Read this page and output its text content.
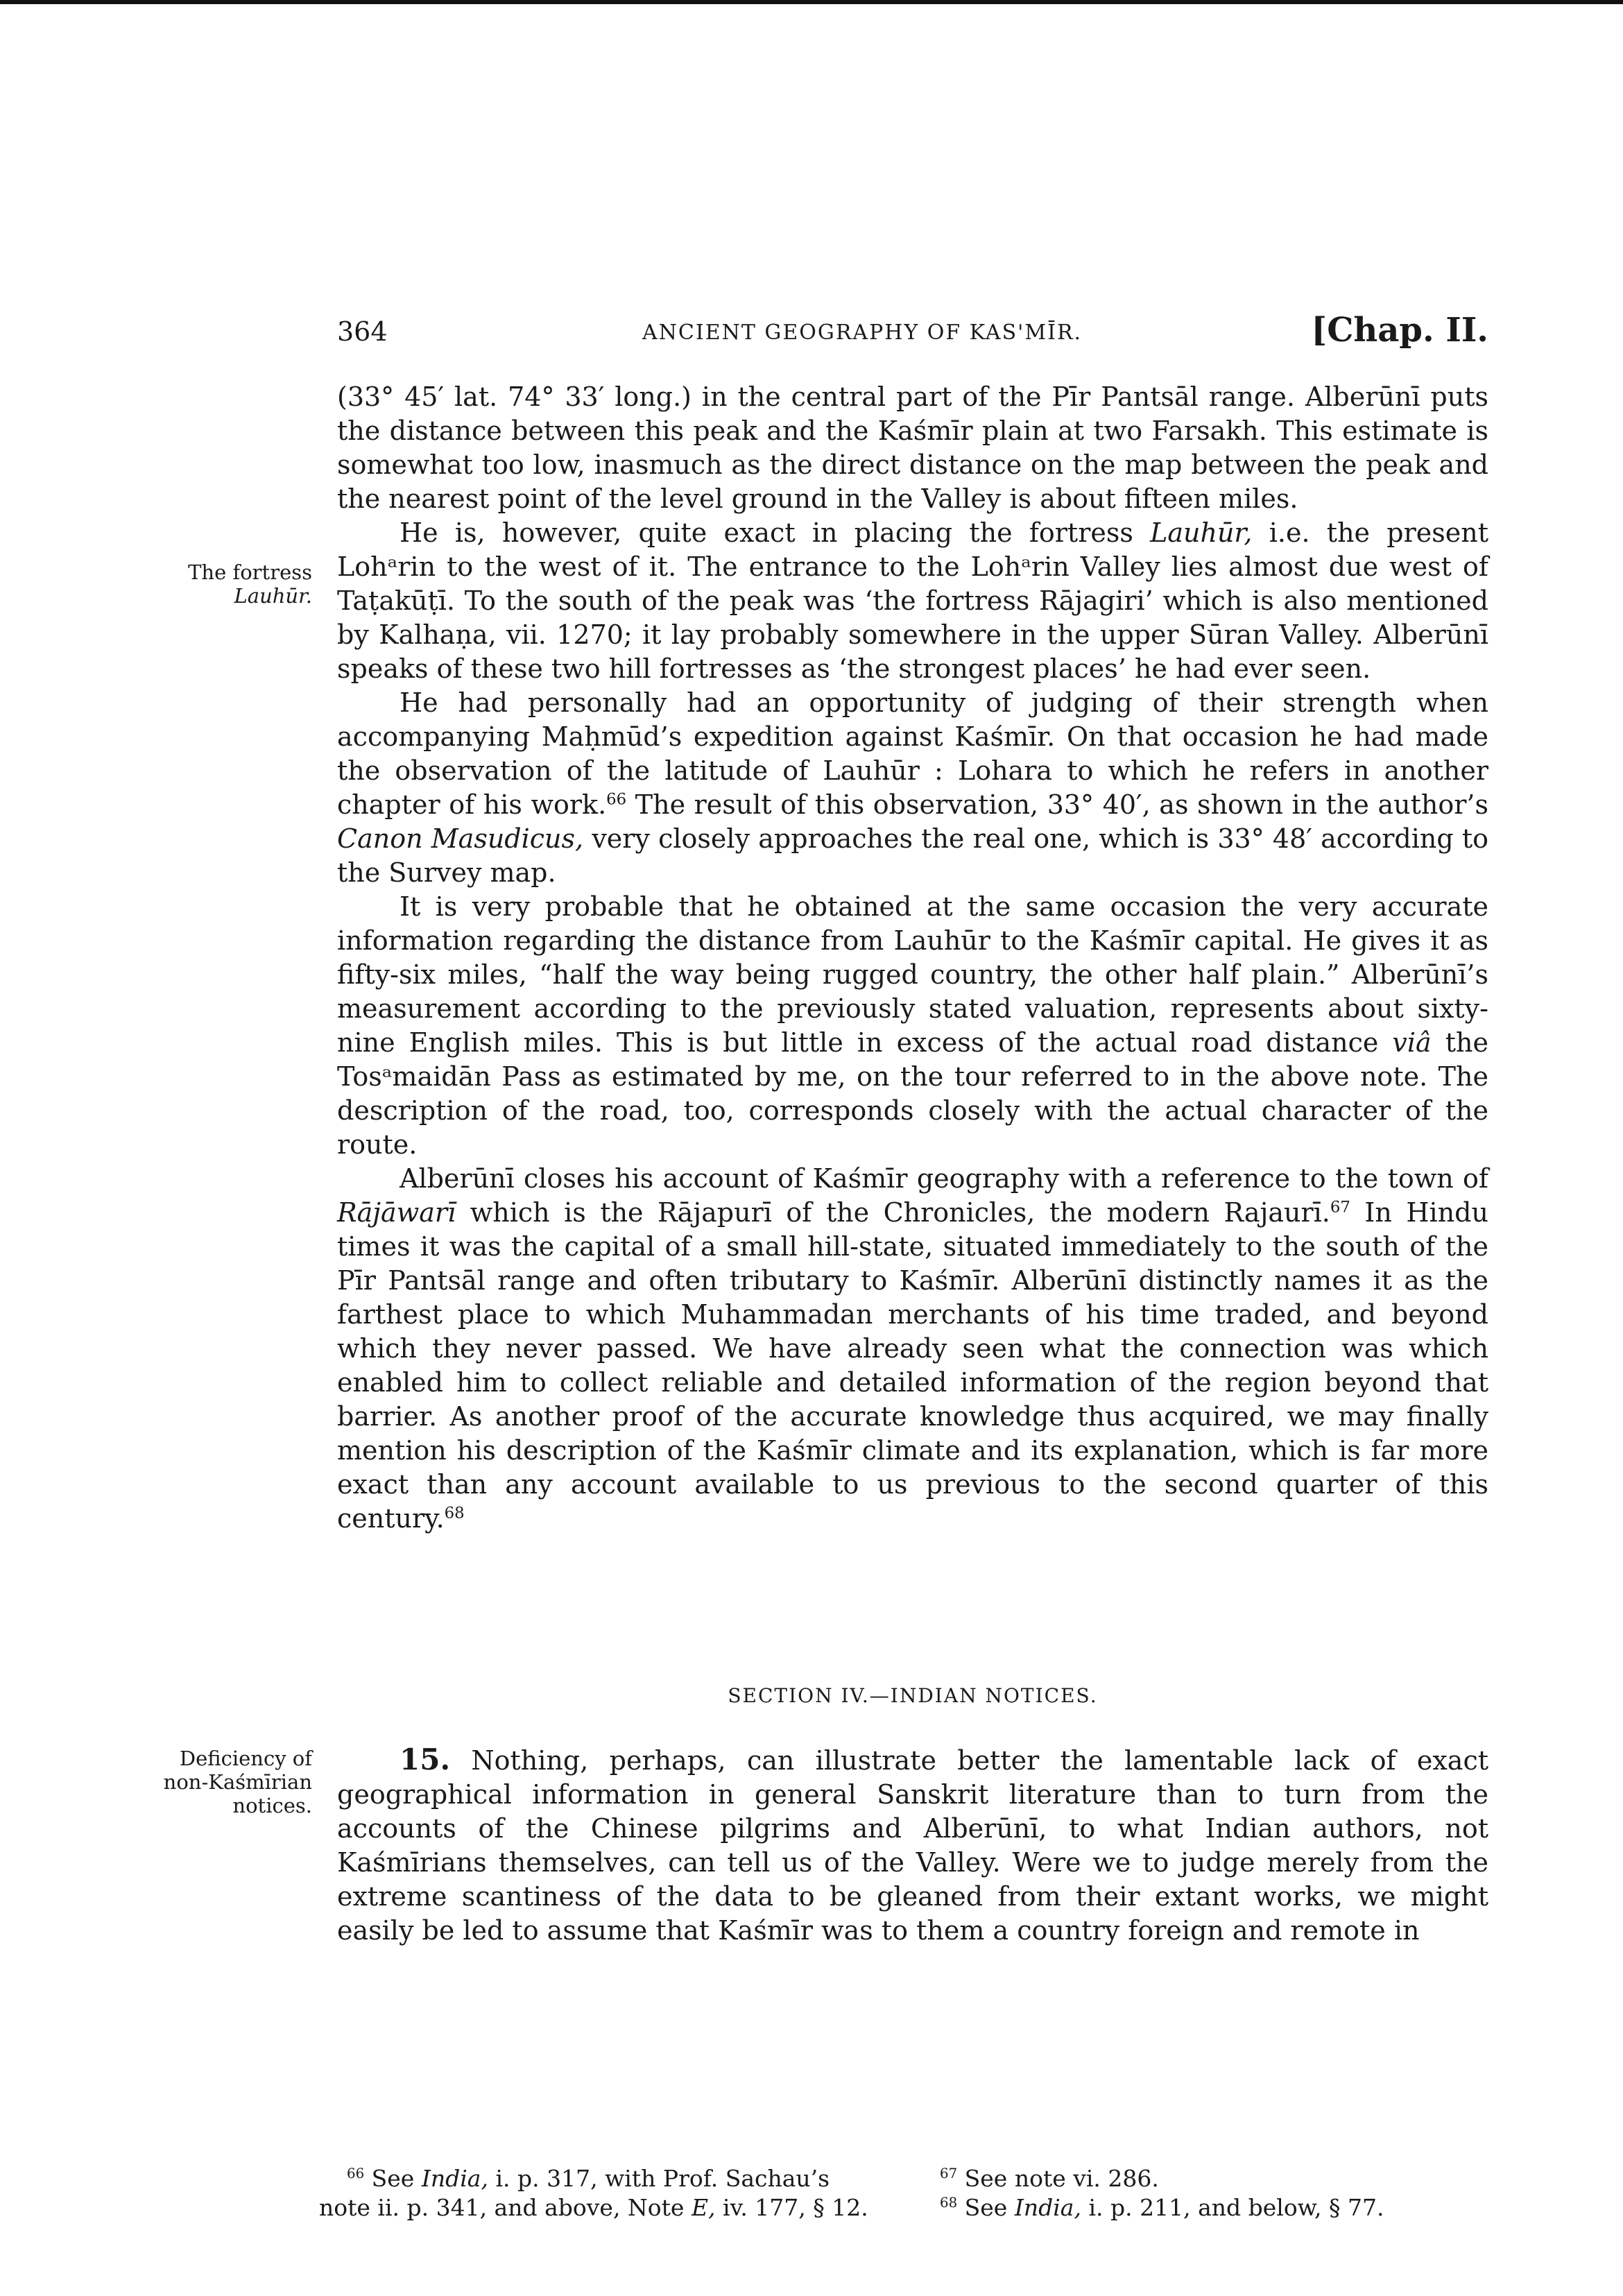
364	ANCIENT GEOGRAPHY OF KAS'MĪR.	[Chap. II.
The fortress
Lauhūr.

(33° 45′ lat. 74° 33′ long.) in the central part of the Pīr Pantsāl range. Alberūnī puts the distance between this peak and the Kaśmīr plain at two Farsakh. This estimate is somewhat too low, inasmuch as the direct distance on the map between the peak and the nearest point of the level ground in the Valley is about fifteen miles.

He is, however, quite exact in placing the fortress Lauhūr, i.e. the present Lohᵃrin to the west of it. The entrance to the Lohᵃrin Valley lies almost due west of Taṭakūṭī. To the south of the peak was ‘the fortress Rājagiri’ which is also mentioned by Kalhaṇa, vii. 1270; it lay probably somewhere in the upper Sūran Valley. Alberūnī speaks of these two hill fortresses as ‘the strongest places’ he had ever seen.

He had personally had an opportunity of judging of their strength when accompanying Maḥmūd’s expedition against Kaśmīr. On that occasion he had made the observation of the latitude of Lauhūr : Lohara to which he refers in another chapter of his work.$^{66}$ The result of this observation, 33° 40′, as shown in the author’s Canon Masudicus, very closely approaches the real one, which is 33° 48′ according to the Survey map.

It is very probable that he obtained at the same occasion the very accurate information regarding the distance from Lauhūr to the Kaśmīr capital. He gives it as fifty-six miles, “half the way being rugged country, the other half plain.” Alberūnī’s measurement according to the previously stated valuation, represents about sixty-nine English miles. This is but little in excess of the actual road distance viâ the Tosᵃmaidān Pass as estimated by me, on the tour referred to in the above note. The description of the road, too, corresponds closely with the actual character of the route.

Alberūnī closes his account of Kaśmīr geography with a reference to the town of Rājāwarī which is the Rājapurī of the Chronicles, the modern Rajaurī.$^{67}$ In Hindu times it was the capital of a small hill-state, situated immediately to the south of the Pīr Pantsāl range and often tributary to Kaśmīr. Alberūnī distinctly names it as the farthest place to which Muhammadan merchants of his time traded, and beyond which they never passed. We have already seen what the connection was which enabled him to collect reliable and detailed information of the region beyond that barrier. As another proof of the accurate knowledge thus acquired, we may finally mention his description of the Kaśmīr climate and its explanation, which is far more exact than any account available to us previous to the second quarter of this century.$^{68}$

SECTION IV.—INDIAN NOTICES.
Deficiency of
non-Kaśmīrian
notices.

15. Nothing, perhaps, can illustrate better the lamentable lack of exact geographical information in general Sanskrit literature than to turn from the accounts of the Chinese pilgrims and Alberūnī, to what Indian authors, not Kaśmīrians themselves, can tell us of the Valley. Were we to judge merely from the extreme scantiness of the data to be gleaned from their extant works, we might easily be led to assume that Kaśmīr was to them a country foreign and remote in

$^{66}$ See India, i. p. 317, with Prof. Sachau’s

note ii. p. 341, and above, Note E, iv. 177, § 12.

$^{67}$ See note vi. 286.

$^{68}$ See India, i. p. 211, and below, § 77.
